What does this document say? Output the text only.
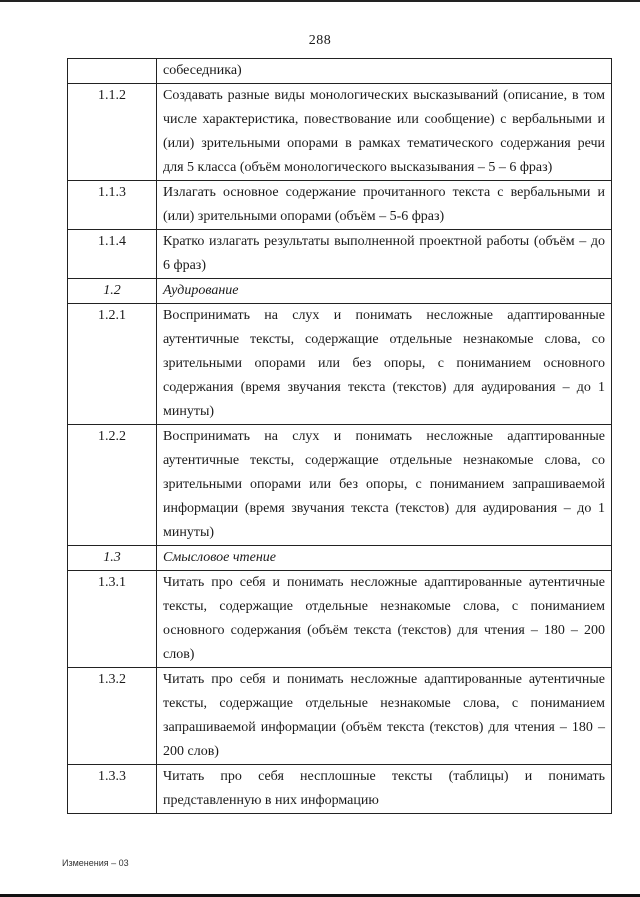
288
	собеседника)
1.1.2	Создавать разные виды монологических высказываний (описание, в том числе характеристика, повествование или сообщение) с вербальными и (или) зрительными опорами в рамках тематического содержания речи для 5 класса (объём монологического высказывания – 5 – 6 фраз)
1.1.3	Излагать основное содержание прочитанного текста с вербальными и (или) зрительными опорами (объём – 5-6 фраз)
1.1.4	Кратко излагать результаты выполненной проектной работы (объём – до 6 фраз)
1.2	Аудирование
1.2.1	Воспринимать на слух и понимать несложные адаптированные аутентичные тексты, содержащие отдельные незнакомые слова, со зрительными опорами или без опоры, с пониманием основного содержания (время звучания текста (текстов) для аудирования – до 1 минуты)
1.2.2	Воспринимать на слух и понимать несложные адаптированные аутентичные тексты, содержащие отдельные незнакомые слова, со зрительными опорами или без опоры, с пониманием запрашиваемой информации (время звучания текста (текстов) для аудирования – до 1 минуты)
1.3	Смысловое чтение
1.3.1	Читать про себя и понимать несложные адаптированные аутентичные тексты, содержащие отдельные незнакомые слова, с пониманием основного содержания (объём текста (текстов) для чтения – 180 – 200 слов)
1.3.2	Читать про себя и понимать несложные адаптированные аутентичные тексты, содержащие отдельные незнакомые слова, с пониманием запрашиваемой информации (объём текста (текстов) для чтения – 180 – 200 слов)
1.3.3	Читать про себя несплошные тексты (таблицы) и понимать представленную в них информацию
Изменения – 03
